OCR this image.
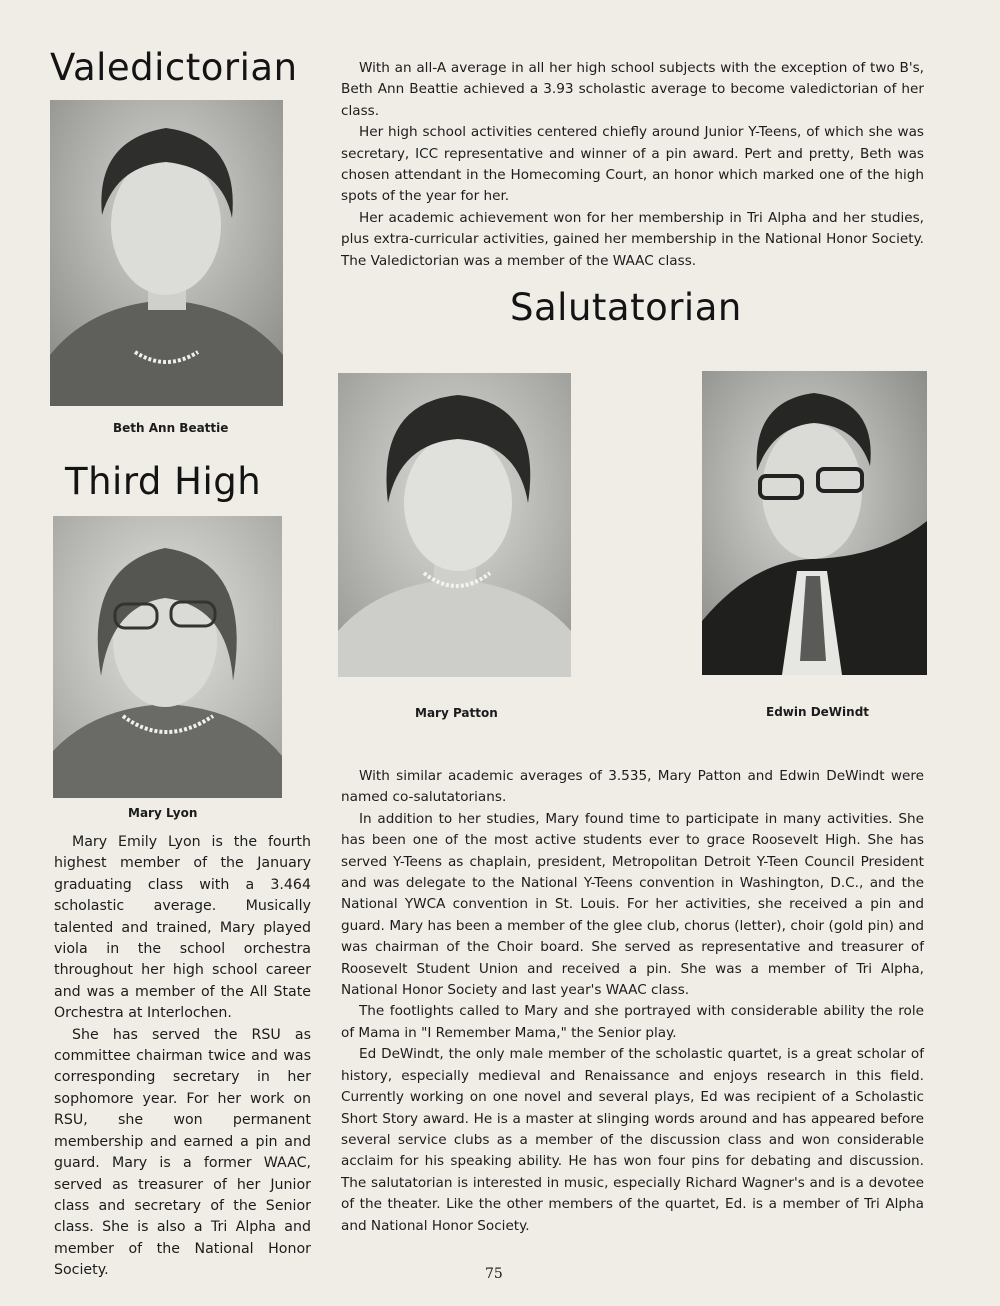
Valedictorian
Salutatorian
Third High
Beth Ann Beattie
Mary Lyon
Mary Patton	Edwin DeWindt

With an all-A average in all her high school subjects with the exception of two B's, Beth Ann Beattie achieved a 3.93 scholastic average to become valedictorian of her class.

Her high school activities centered chiefly around Junior Y-Teens, of which she was secretary, ICC representative and winner of a pin award. Pert and pretty, Beth was chosen attendant in the Homecoming Court, an honor which marked one of the high spots of the year for her.

Her academic achievement won for her membership in Tri Alpha and her studies, plus extra-curricular activities, gained her membership in the National Honor Society. The Valedictorian was a member of the WAAC class.

Mary Emily Lyon is the fourth highest member of the January graduating class with a 3.464 scholastic average. Musically talented and trained, Mary played viola in the school orchestra throughout her high school career and was a member of the All State Orchestra at Interlochen.

She has served the RSU as committee chairman twice and was corresponding secretary in her sophomore year. For her work on RSU, she won permanent membership and earned a pin and guard. Mary is a former WAAC, served as treasurer of her Junior class and secretary of the Senior class. She is also a Tri Alpha and member of the National Honor Society.

With similar academic averages of 3.535, Mary Patton and Edwin DeWindt were named co-salutatorians.

In addition to her studies, Mary found time to participate in many activities. She has been one of the most active students ever to grace Roosevelt High. She has served Y-Teens as chaplain, president, Metropolitan Detroit Y-Teen Council President and was delegate to the National Y-Teens convention in Washington, D.C., and the National YWCA convention in St. Louis. For her activities, she received a pin and guard. Mary has been a member of the glee club, chorus (letter), choir (gold pin) and was chairman of the Choir board. She served as representative and treasurer of Roosevelt Student Union and received a pin. She was a member of Tri Alpha, National Honor Society and last year's WAAC class.

The footlights called to Mary and she portrayed with considerable ability the role of Mama in "I Remember Mama," the Senior play.

Ed DeWindt, the only male member of the scholastic quartet, is a great scholar of history, especially medieval and Renaissance and enjoys research in this field. Currently working on one novel and several plays, Ed was recipient of a Scholastic Short Story award. He is a master at slinging words around and has appeared before several service clubs as a member of the discussion class and won considerable acclaim for his speaking ability. He has won four pins for debating and discussion. The salutatorian is interested in music, especially Richard Wagner's and is a devotee of the theater. Like the other members of the quartet, Ed. is a member of Tri Alpha and National Honor Society.

75
